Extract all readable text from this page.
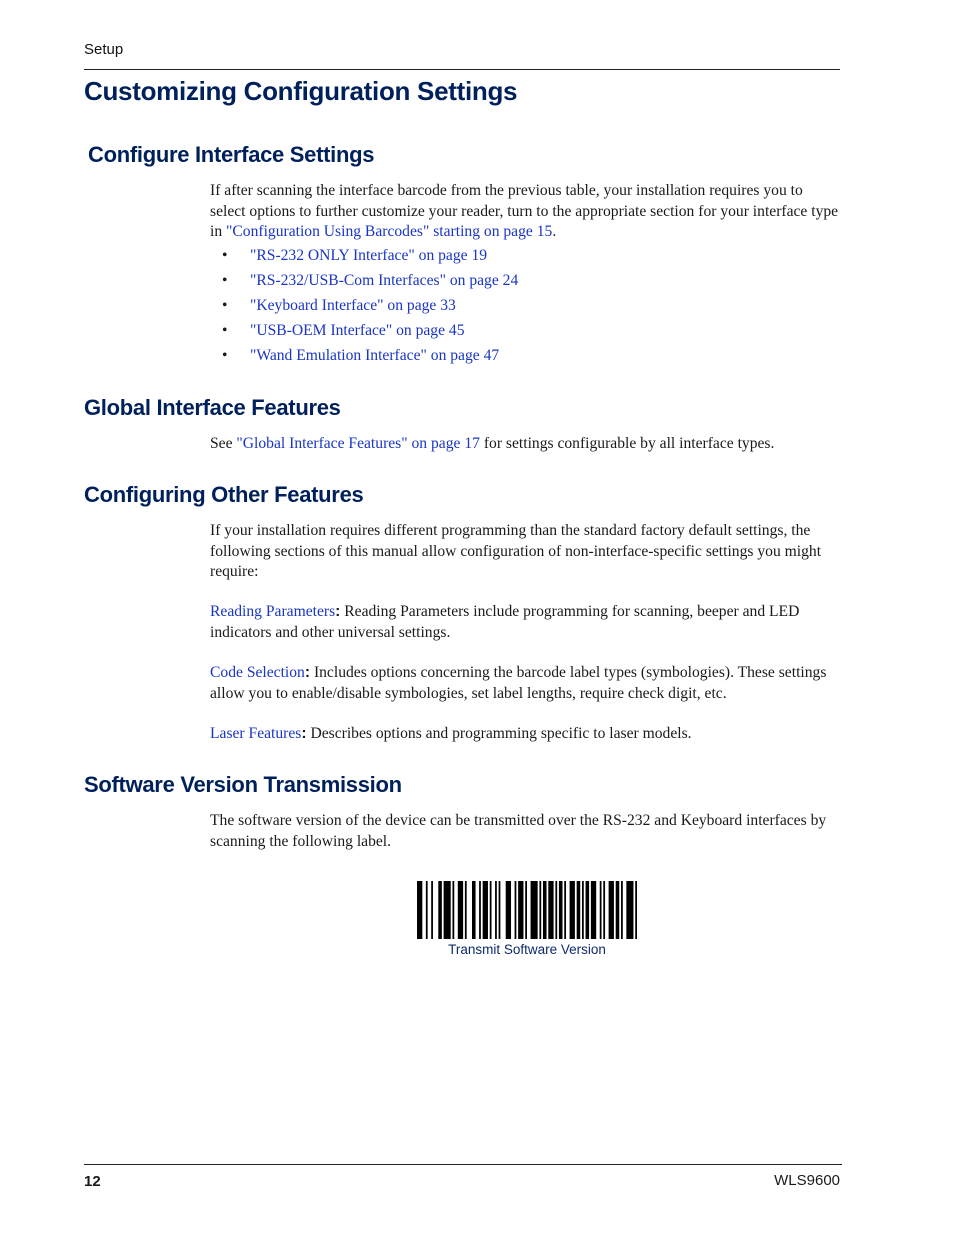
Setup
Customizing Configuration Settings
Configure Interface Settings

If after scanning the interface barcode from the previous table, your installation requires you to select options to further customize your reader, turn to the appropriate section for your interface type in "Configuration Using Barcodes" starting on page 15.

• "RS-232 ONLY Interface" on page 19
• "RS-232/USB-Com Interfaces" on page 24
• "Keyboard Interface" on page 33
• "USB-OEM Interface" on page 45
• "Wand Emulation Interface" on page 47
Global Interface Features

See "Global Interface Features" on page 17 for settings configurable by all interface types.

Configuring Other Features

If your installation requires different programming than the standard factory default settings, the following sections of this manual allow configuration of non-interface-specific settings you might require:

Reading Parameters: Reading Parameters include programming for scanning, beeper and LED indicators and other universal settings.

Code Selection: Includes options concerning the barcode label types (symbologies). These settings allow you to enable/disable symbologies, set label lengths, require check digit, etc.

Laser Features: Describes options and programming specific to laser models.

Software Version Transmission

The software version of the device can be transmitted over the RS-232 and Keyboard interfaces by scanning the following label.

Transmit Software Version
12	WLS9600
